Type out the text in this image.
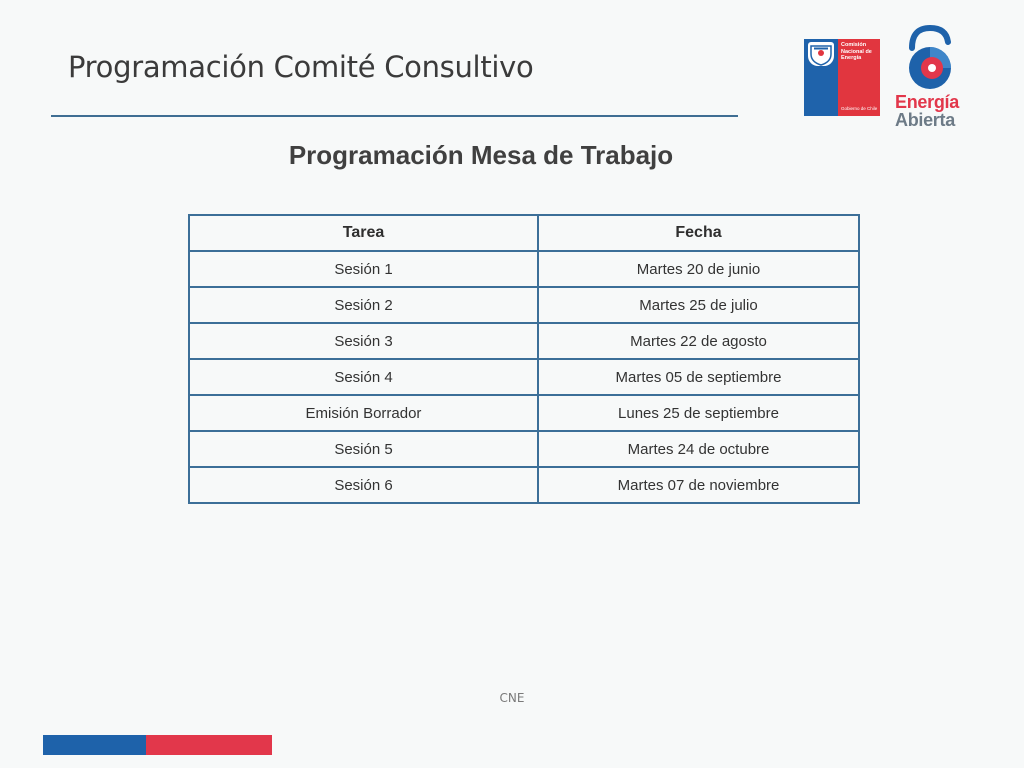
Programación Comité Consultivo
Comisión
Nacional de
Energía
Gobierno de Chile Energía
Abierta
Programación Mesa de Trabajo
Tarea	Fecha
Sesión 1	Martes 20 de junio
Sesión 2	Martes 25 de julio
Sesión 3	Martes 22 de agosto
Sesión 4	Martes 05 de septiembre
Emisión Borrador	Lunes 25 de septiembre
Sesión 5	Martes 24 de octubre
Sesión 6	Martes 07 de noviembre
CNE
